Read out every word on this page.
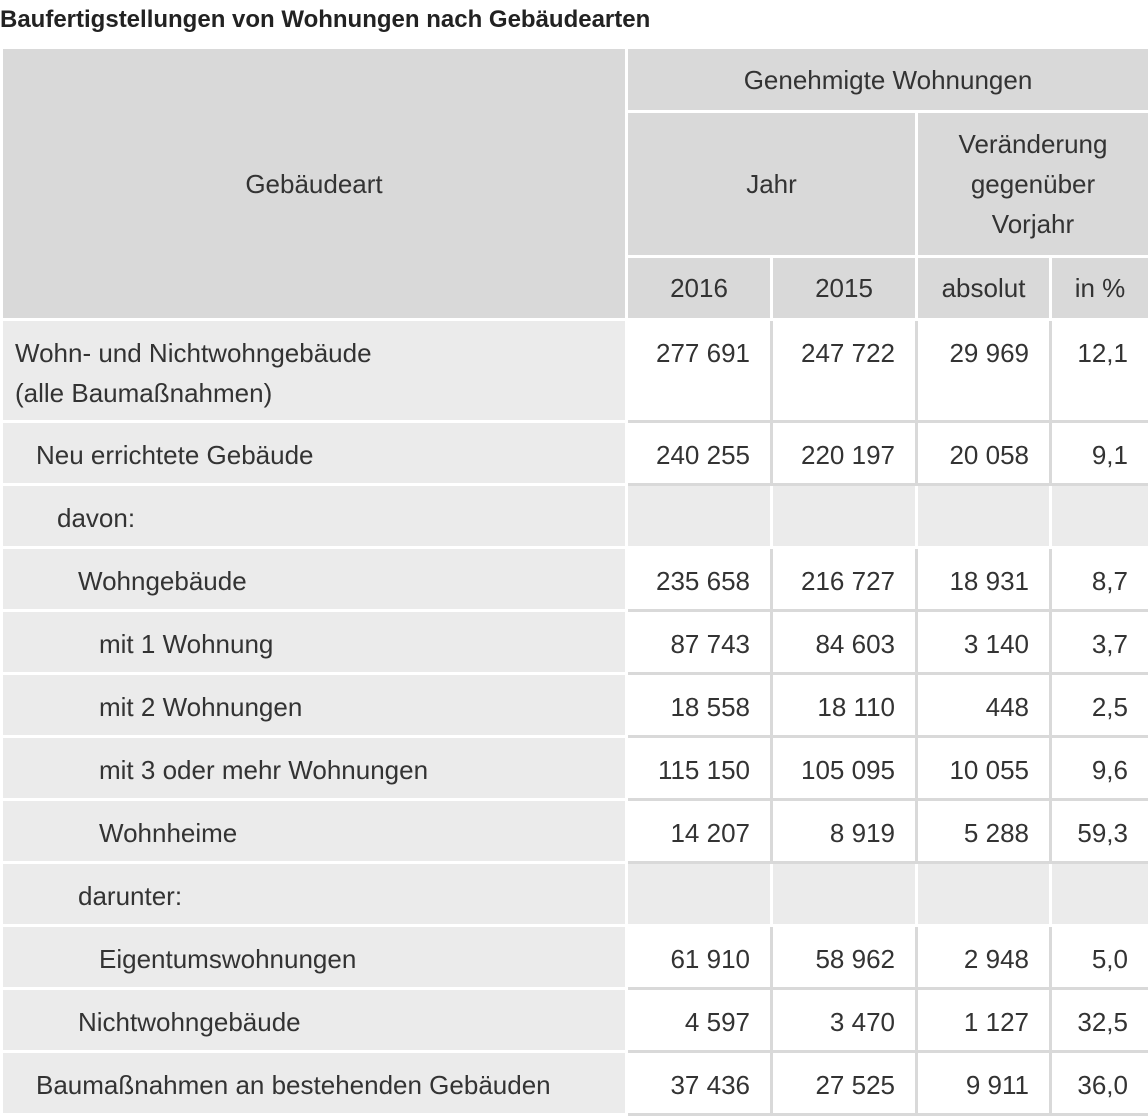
Baufertigstellungen von Wohnungen nach Gebäudearten
Gebäudeart	Genehmigte Wohnungen			
	Jahr		Veränderung
gegenüber
Vorjahr	

	2016	2015	absolut	in %

Wohn- und Nichtwohngebäude
(alle Baumaßnahmen)	277 691	247 722	29 969	12,1
Neu errichtete Gebäude	240 255	220 197	20 058	9,1
davon:				
Wohngebäude	235 658	216 727	18 931	8,7
mit 1 Wohnung	87 743	84 603	3 140	3,7
mit 2 Wohnungen	18 558	18 110	448	2,5
mit 3 oder mehr Wohnungen	115 150	105 095	10 055	9,6
Wohnheime	14 207	8 919	5 288	59,3
darunter:				
Eigentumswohnungen	61 910	58 962	2 948	5,0
Nichtwohngebäude	4 597	3 470	1 127	32,5
Baumaßnahmen an bestehenden Gebäuden	37 436	27 525	9 911	36,0
